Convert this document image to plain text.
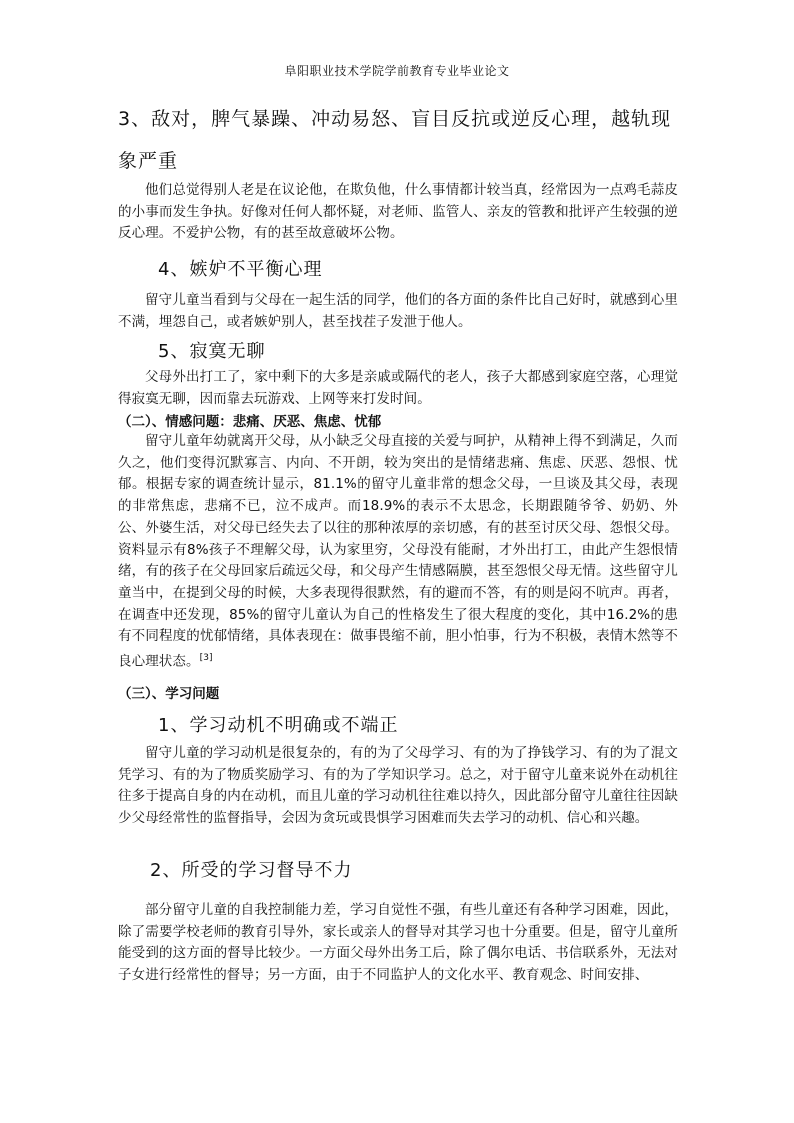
阜阳职业技术学院学前教育专业毕业论文
3、敌对，脾气暴躁、冲动易怒、盲目反抗或逆反心理，越轨现象严重

他们总觉得别人老是在议论他，在欺负他，什么事情都计较当真，经常因为一点鸡毛蒜皮的小事而发生争执。好像对任何人都怀疑，对老师、监管人、亲友的管教和批评产生较强的逆反心理。不爱护公物，有的甚至故意破坏公物。

4、嫉妒不平衡心理

留守儿童当看到与父母在一起生活的同学，他们的各方面的条件比自己好时，就感到心里不满，埋怨自己，或者嫉妒别人，甚至找茬子发泄于他人。

5、寂寞无聊

父母外出打工了，家中剩下的大多是亲戚或隔代的老人，孩子大都感到家庭空落，心理觉得寂寞无聊，因而靠去玩游戏、上网等来打发时间。

（二）、情感问题：悲痛、厌恶、焦虑、忧郁

留守儿童年幼就离开父母，从小缺乏父母直接的关爱与呵护，从精神上得不到满足，久而久之，他们变得沉默寡言、内向、不开朗，较为突出的是情绪悲痛、焦虑、厌恶、怨恨、忧郁。根据专家的调查统计显示，81.1%的留守儿童非常的想念父母，一旦谈及其父母，表现的非常焦虑，悲痛不已，泣不成声。而18.9%的表示不太思念，长期跟随爷爷、奶奶、外公、外婆生活，对父母已经失去了以往的那种浓厚的亲切感，有的甚至讨厌父母、怨恨父母。资料显示有8%孩子不理解父母，认为家里穷，父母没有能耐，才外出打工，由此产生怨恨情绪，有的孩子在父母回家后疏远父母，和父母产生情感隔膜，甚至怨恨父母无情。这些留守儿童当中，在提到父母的时候，大多表现得很默然，有的避而不答，有的则是闷不吭声。再者，在调查中还发现，85%的留守儿童认为自己的性格发生了很大程度的变化，其中16.2%的患有不同程度的忧郁情绪，具体表现在：做事畏缩不前，胆小怕事，行为不积极，表情木然等不良心理状态。[3]

（三）、学习问题
1、学习动机不明确或不端正

留守儿童的学习动机是很复杂的，有的为了父母学习、有的为了挣钱学习、有的为了混文凭学习、有的为了物质奖励学习、有的为了学知识学习。总之，对于留守儿童来说外在动机往往多于提高自身的内在动机，而且儿童的学习动机往往难以持久，因此部分留守儿童往往因缺少父母经常性的监督指导，会因为贪玩或畏惧学习困难而失去学习的动机、信心和兴趣。

2、所受的学习督导不力

部分留守儿童的自我控制能力差，学习自觉性不强，有些儿童还有各种学习困难，因此，除了需要学校老师的教育引导外，家长或亲人的督导对其学习也十分重要。但是，留守儿童所能受到的这方面的督导比较少。一方面父母外出务工后，除了偶尔电话、书信联系外，无法对子女进行经常性的督导；另一方面，由于不同监护人的文化水平、教育观念、时间安排、
